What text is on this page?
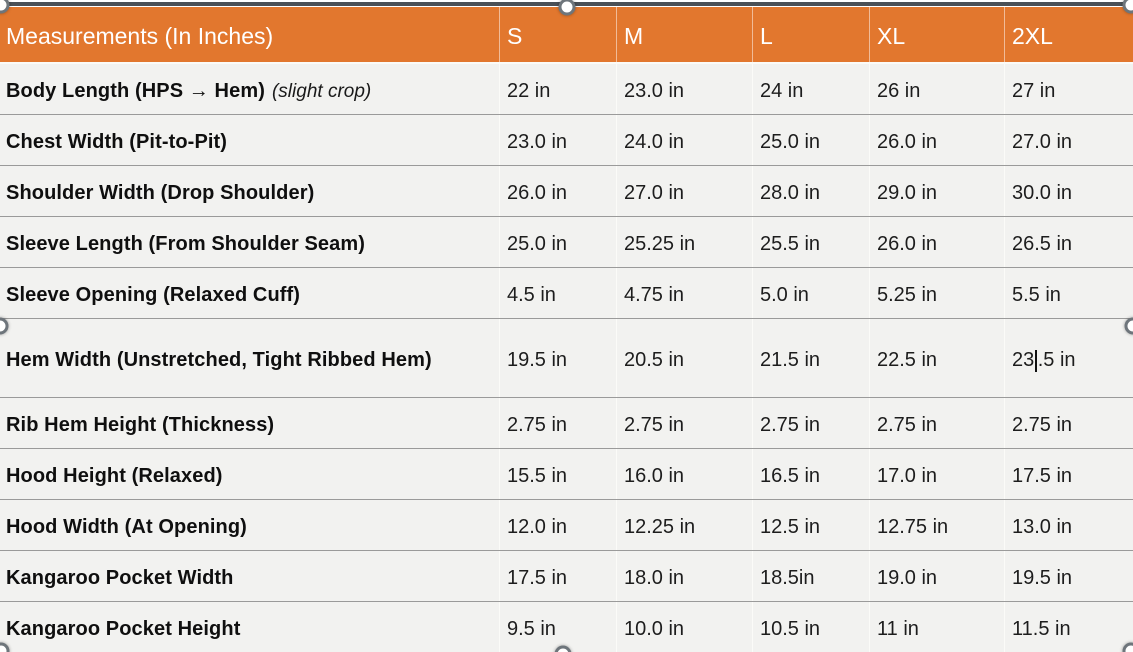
Measurements (In Inches)	S	M	L	XL	2XL
Body Length (HPS → Hem) (slight crop)	22 in	23.0 in	24 in	26 in	27 in
Chest Width (Pit-to-Pit)	23.0 in	24.0 in	25.0 in	26.0 in	27.0 in
Shoulder Width (Drop Shoulder)	26.0 in	27.0 in	28.0 in	29.0 in	30.0 in
Sleeve Length (From Shoulder Seam)	25.0 in	25.25 in	25.5 in	26.0 in	26.5 in
Sleeve Opening (Relaxed Cuff)	4.5 in	4.75 in	5.0 in	5.25 in	5.5 in
Hem Width (Unstretched, Tight Ribbed Hem)	19.5 in	20.5 in	21.5 in	22.5 in	23 .5 in
Rib Hem Height (Thickness)	2.75 in	2.75 in	2.75 in	2.75 in	2.75 in
Hood Height (Relaxed)	15.5 in	16.0 in	16.5 in	17.0 in	17.5 in
Hood Width (At Opening)	12.0 in	12.25 in	12.5 in	12.75 in	13.0 in
Kangaroo Pocket Width	17.5 in	18.0 in	18.5in	19.0 in	19.5 in
Kangaroo Pocket Height	9.5 in	10.0 in	10.5 in	11 in	11.5 in
